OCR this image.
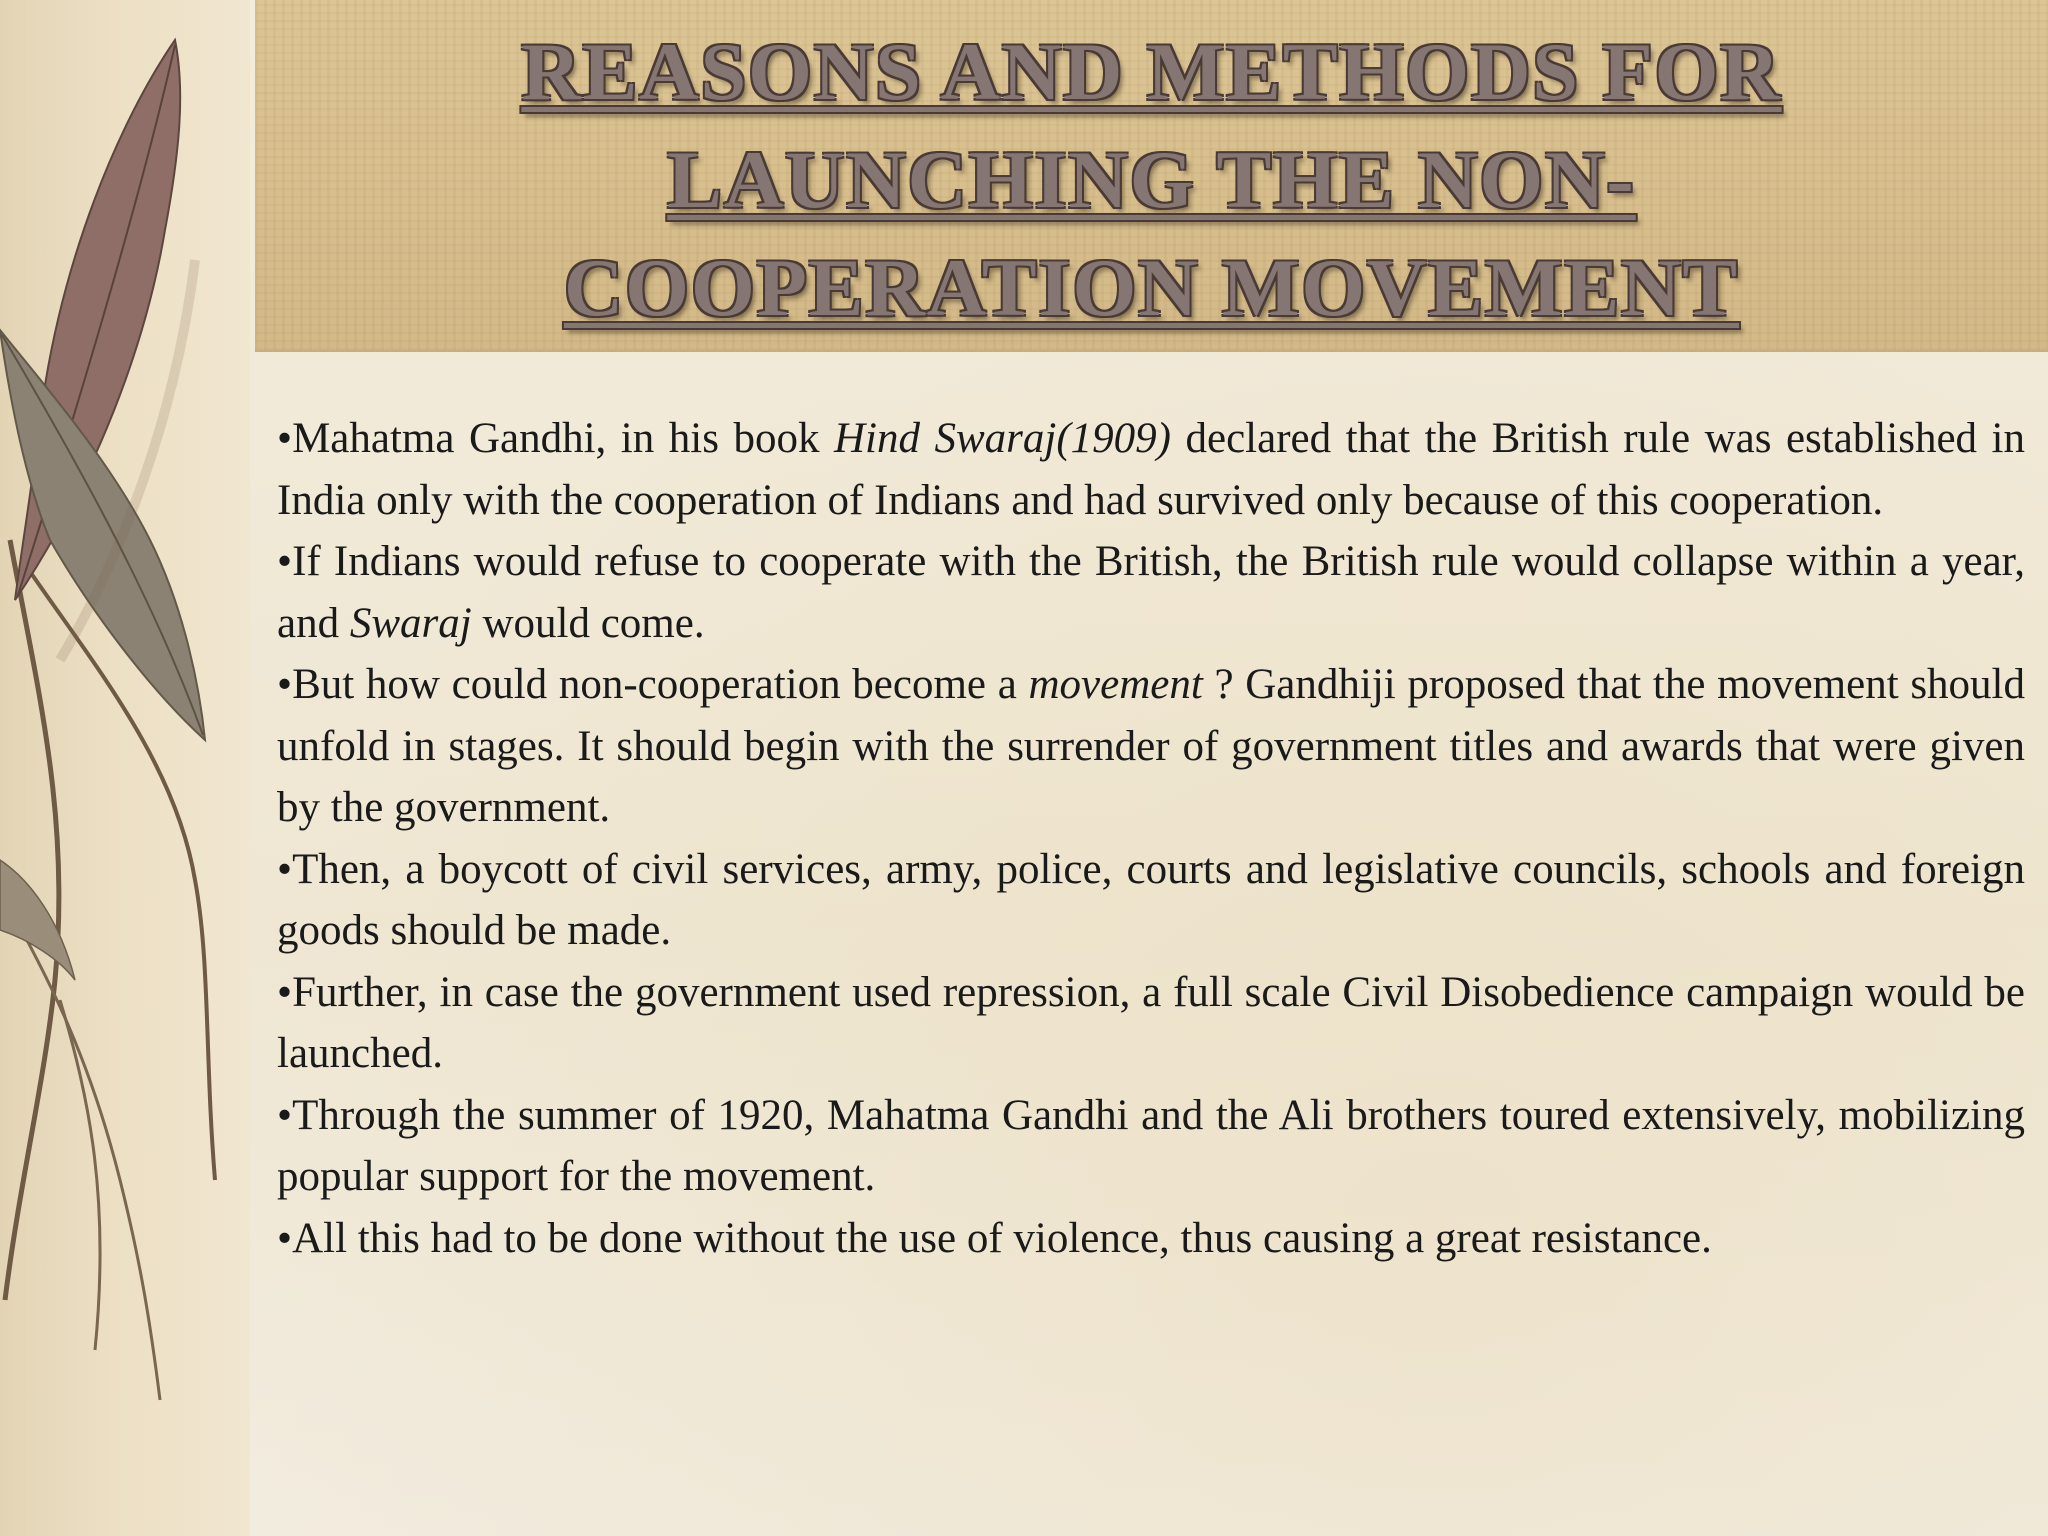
REASONS AND METHODS FOR
LAUNCHING THE NON-
COOPERATION MOVEMENT

•Mahatma Gandhi, in his book Hind Swaraj(1909) declared that the British rule was established in India only with the cooperation of Indians and had survived only because of this cooperation.

•If Indians would refuse to cooperate with the British, the British rule would collapse within a year, and Swaraj would come.

•But how could non-cooperation become a movement ? Gandhiji proposed that the movement should unfold in stages. It should begin with the surrender of government titles and awards that were given by the government.

•Then, a boycott of civil services, army, police, courts and legislative councils, schools and foreign goods should be made.

•Further, in case the government used repression, a full scale Civil Disobedience campaign would be launched.

•Through the summer of 1920, Mahatma Gandhi and the Ali brothers toured extensively, mobilizing popular support for the movement.

•All this had to be done without the use of violence, thus causing a great resistance.
